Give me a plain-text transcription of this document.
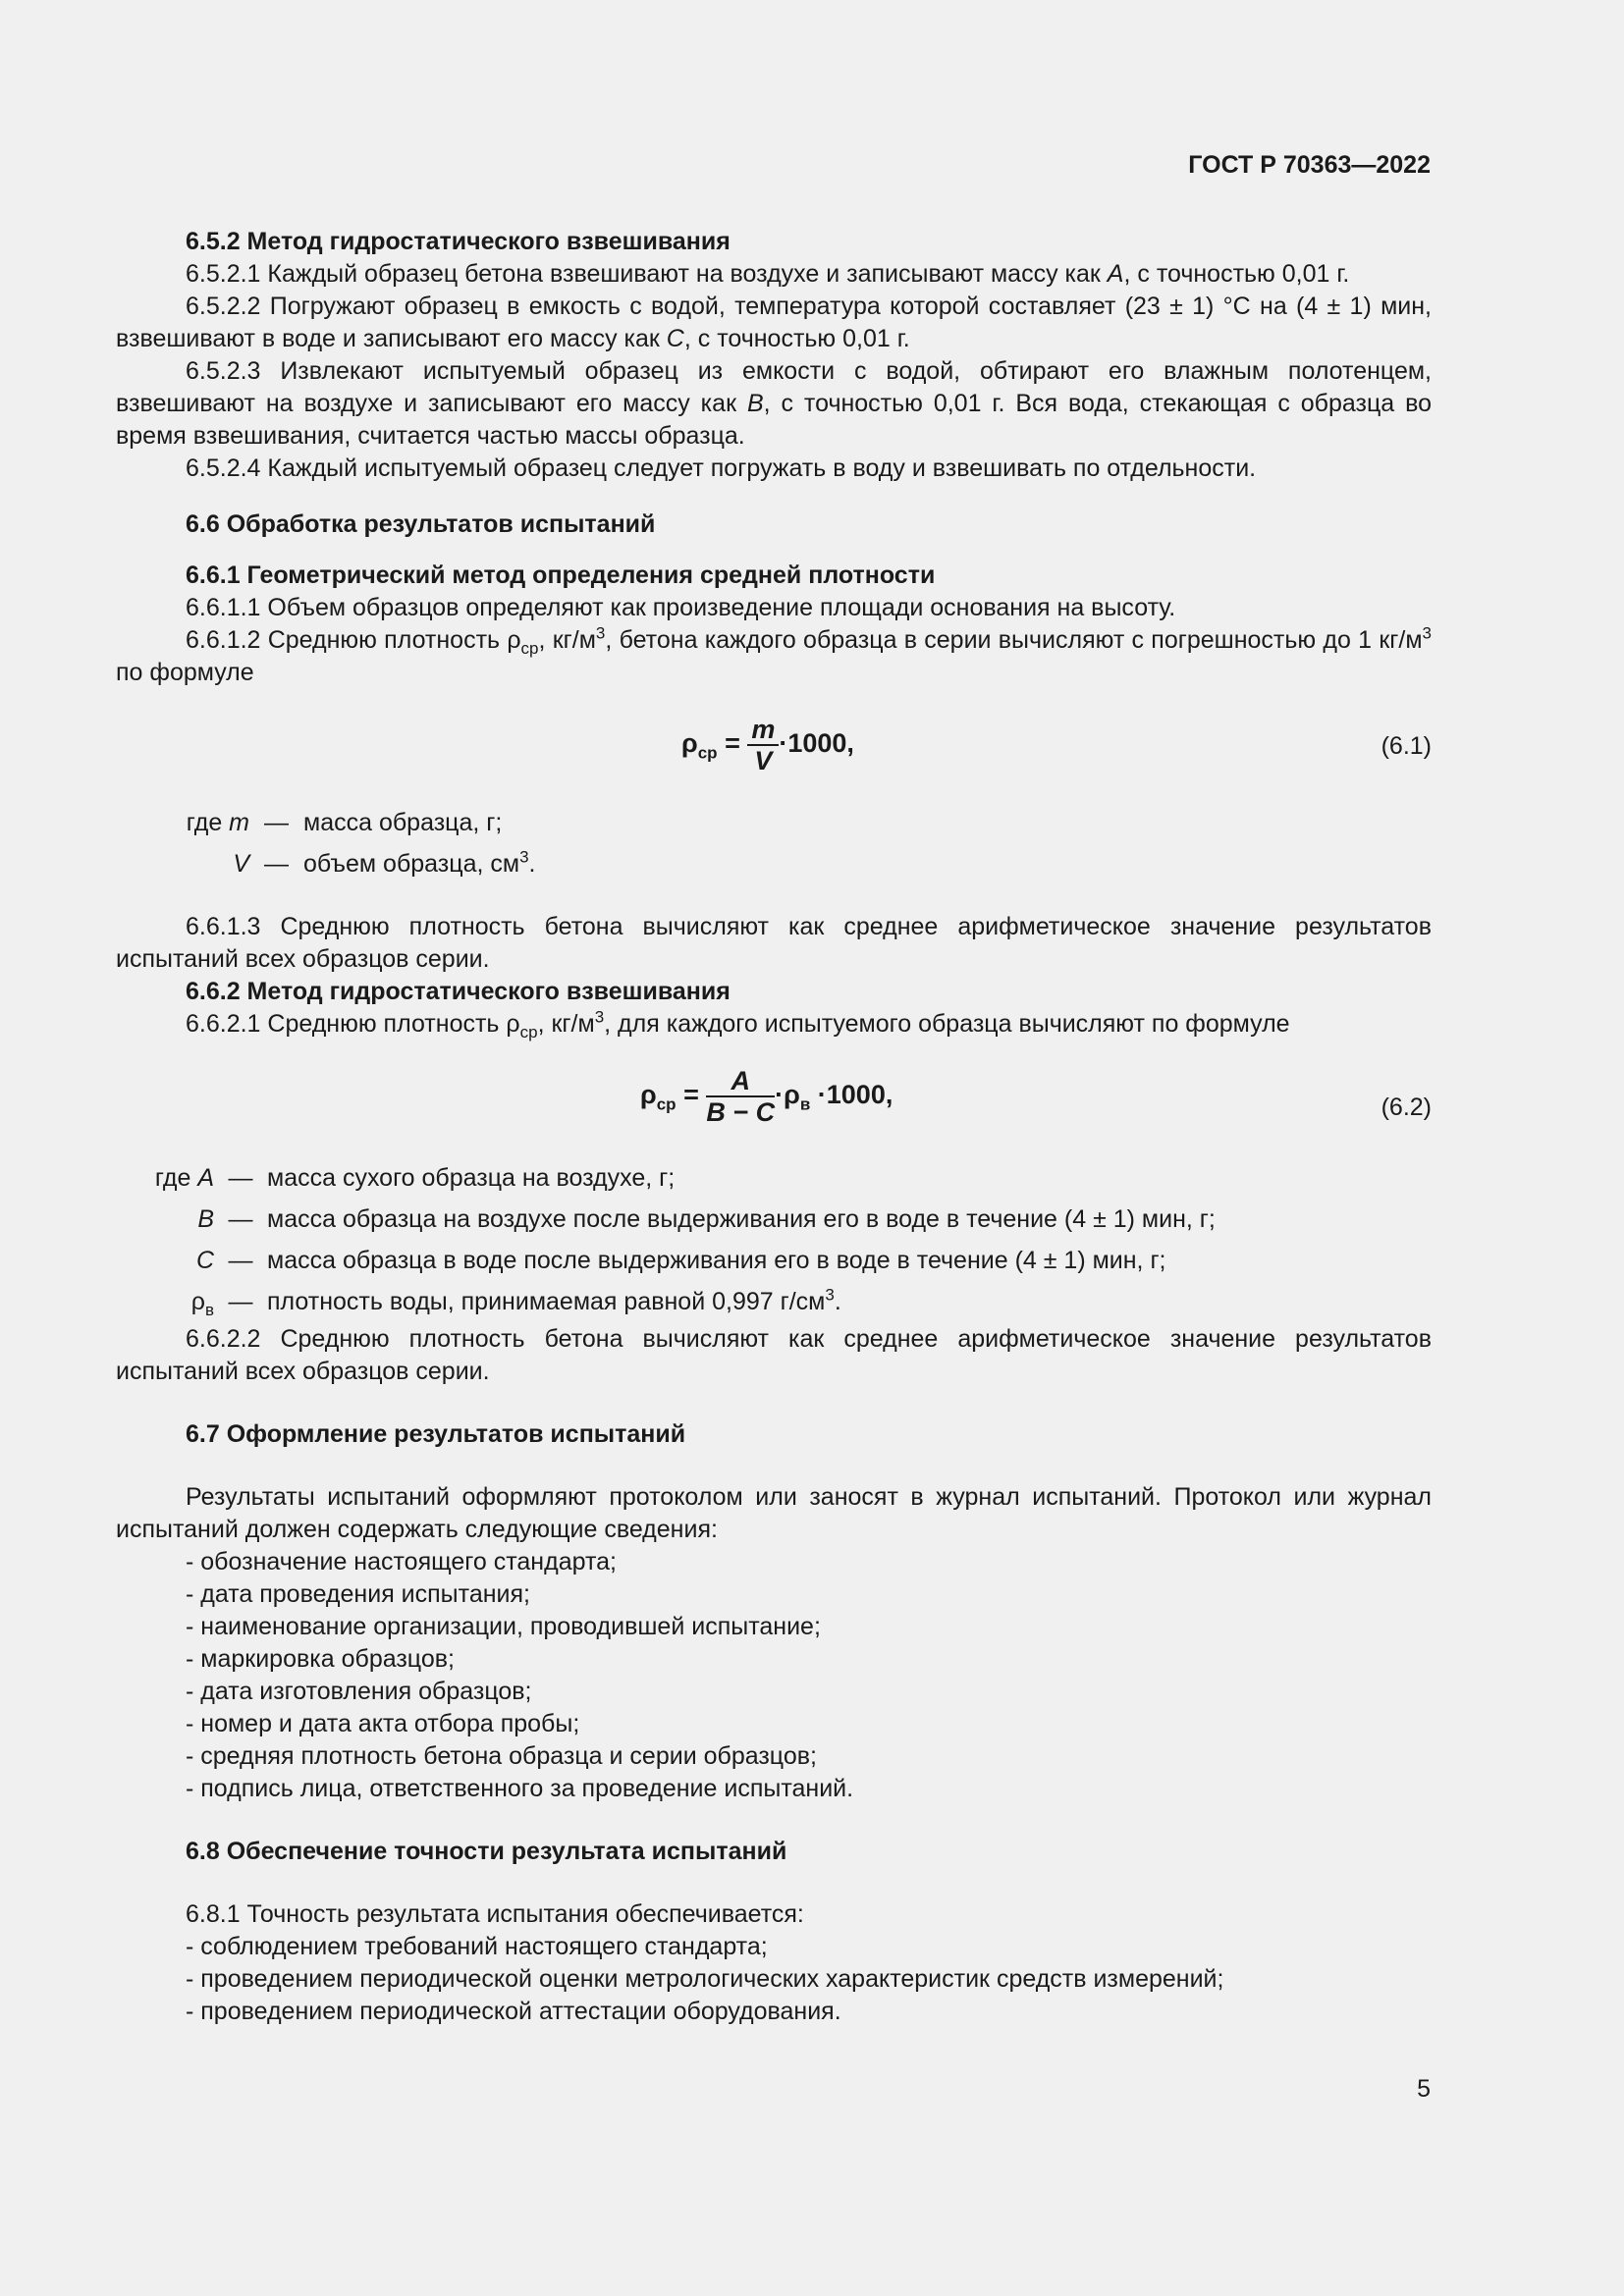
ГОСТ Р 70363—2022

6.5.2 Метод гидростатического взвешивания

6.5.2.1 Каждый образец бетона взвешивают на воздухе и записывают массу как А, с точностью 0,01 г.

6.5.2.2 Погружают образец в емкость с водой, температура которой составляет (23 ± 1) °С на (4 ± 1) мин, взвешивают в воде и записывают его массу как С, с точностью 0,01 г.

6.5.2.3 Извлекают испытуемый образец из емкости с водой, обтирают его влажным полотенцем, взвешивают на воздухе и записывают его массу как В, с точностью 0,01 г. Вся вода, стекающая с образца во время взвешивания, считается частью массы образца.

6.5.2.4 Каждый испытуемый образец следует погружать в воду и взвешивать по отдельности.

6.6 Обработка результатов испытаний

6.6.1 Геометрический метод определения средней плотности

6.6.1.1 Объем образцов определяют как произведение площади основания на высоту.

6.6.1.2 Среднюю плотность $\rho_{ср}$, $кг/м^3$, бетона каждого образца в серии вычисляют с погрешностью до 1 $кг/м^3$ по формуле

$\rho_{ср} = \frac{m}{V} \cdot 1000$,	(6.1)
где m — масса образца, г;
V — объем образца, $см^3$.

6.6.1.3 Среднюю плотность бетона вычисляют как среднее арифметическое значение результатов испытаний всех образцов серии.

6.6.2 Метод гидростатического взвешивания

6.6.2.1 Среднюю плотность $\rho_{ср}$, $кг/м^3$, для каждого испытуемого образца вычисляют по формуле

$\rho_{ср} = \frac{A}{B - C} \cdot\rho_в \cdot 1000$,	(6.2)
где А — масса сухого образца на воздухе, г;
В — масса образца на воздухе после выдерживания его в воде в течение (4 ± 1) мин, г;
С — масса образца в воде после выдерживания его в воде в течение (4 ± 1) мин, г;
$\rho_в$ — плотность воды, принимаемая равной 0,997 $г/см^3$.

6.6.2.2 Среднюю плотность бетона вычисляют как среднее арифметическое значение результатов испытаний всех образцов серии.

6.7 Оформление результатов испытаний

Результаты испытаний оформляют протоколом или заносят в журнал испытаний. Протокол или журнал испытаний должен содержать следующие сведения:

- обозначение настоящего стандарта;

- дата проведения испытания;

- наименование организации, проводившей испытание;

- маркировка образцов;

- дата изготовления образцов;

- номер и дата акта отбора пробы;

- средняя плотность бетона образца и серии образцов;

- подпись лица, ответственного за проведение испытаний.

6.8 Обеспечение точности результата испытаний

6.8.1 Точность результата испытания обеспечивается:

- соблюдением требований настоящего стандарта;

- проведением периодической оценки метрологических характеристик средств измерений;

- проведением периодической аттестации оборудования.

5
